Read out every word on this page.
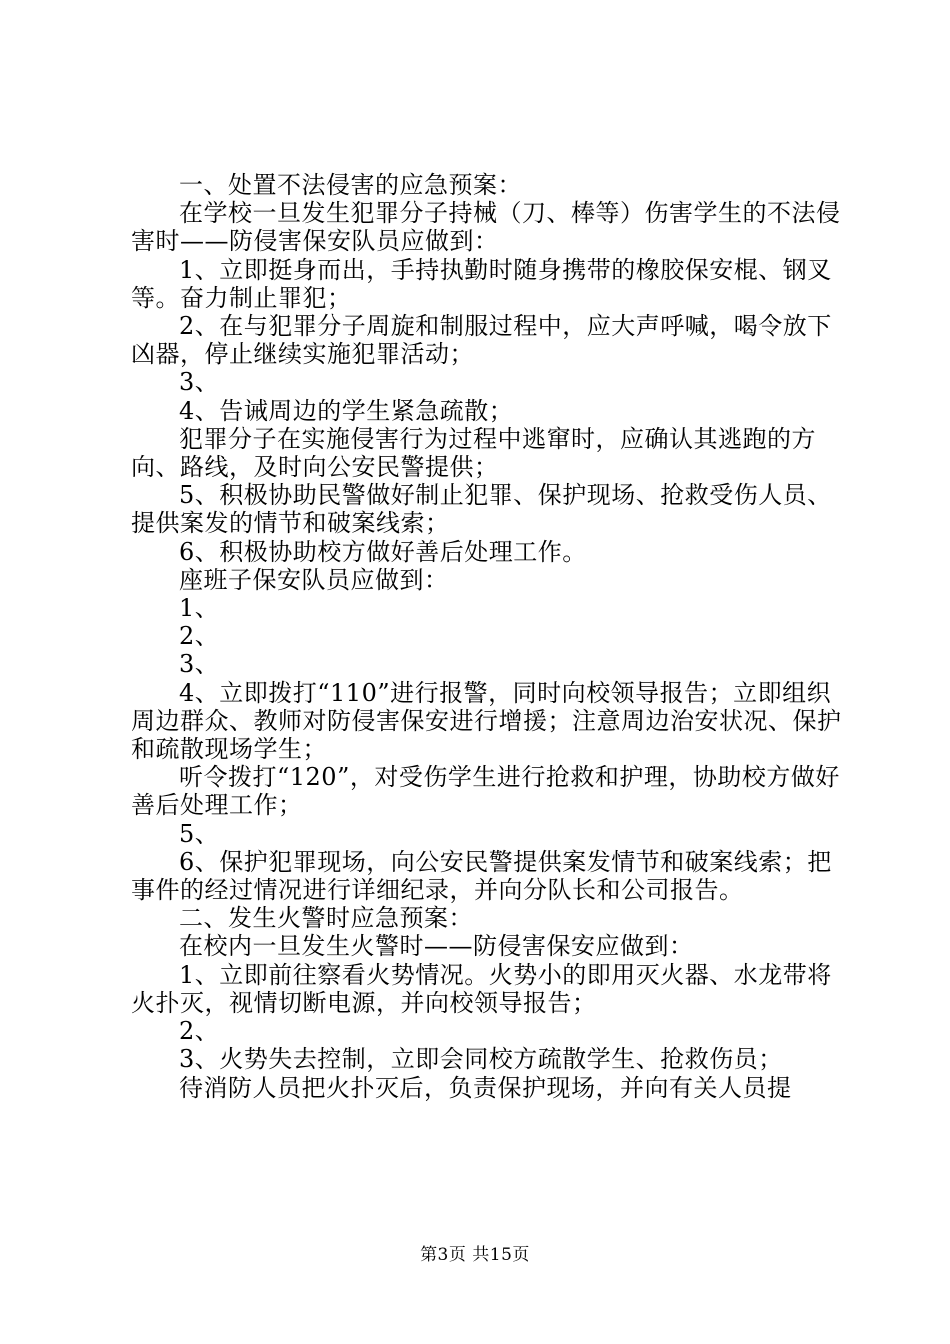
一、处置不法侵害的应急预案：

在学校一旦发生犯罪分子持械（刀、棒等）伤害学生的不法侵害时——防侵害保安队员应做到：

1、立即挺身而出，手持执勤时随身携带的橡胶保安棍、钢叉等。奋力制止罪犯；

2、在与犯罪分子周旋和制服过程中，应大声呼喊，喝令放下凶器，停止继续实施犯罪活动；

3、

4、告诫周边的学生紧急疏散；

犯罪分子在实施侵害行为过程中逃窜时，应确认其逃跑的方向、路线，及时向公安民警提供；

5、积极协助民警做好制止犯罪、保护现场、抢救受伤人员、提供案发的情节和破案线索；

6、积极协助校方做好善后处理工作。

座班子保安队员应做到：

1、

2、

3、

4、立即拨打“110”进行报警，同时向校领导报告；立即组织周边群众、教师对防侵害保安进行增援；注意周边治安状况、保护和疏散现场学生；

听令拨打“120”，对受伤学生进行抢救和护理，协助校方做好善后处理工作；

5、

6、保护犯罪现场，向公安民警提供案发情节和破案线索；把事件的经过情况进行详细纪录，并向分队长和公司报告。

二、发生火警时应急预案：

在校内一旦发生火警时——防侵害保安应做到：

1、立即前往察看火势情况。火势小的即用灭火器、水龙带将火扑灭，视情切断电源，并向校领导报告；

2、

3、火势失去控制，立即会同校方疏散学生、抢救伤员；

待消防人员把火扑灭后，负责保护现场，并向有关人员提

第3页 共15页
